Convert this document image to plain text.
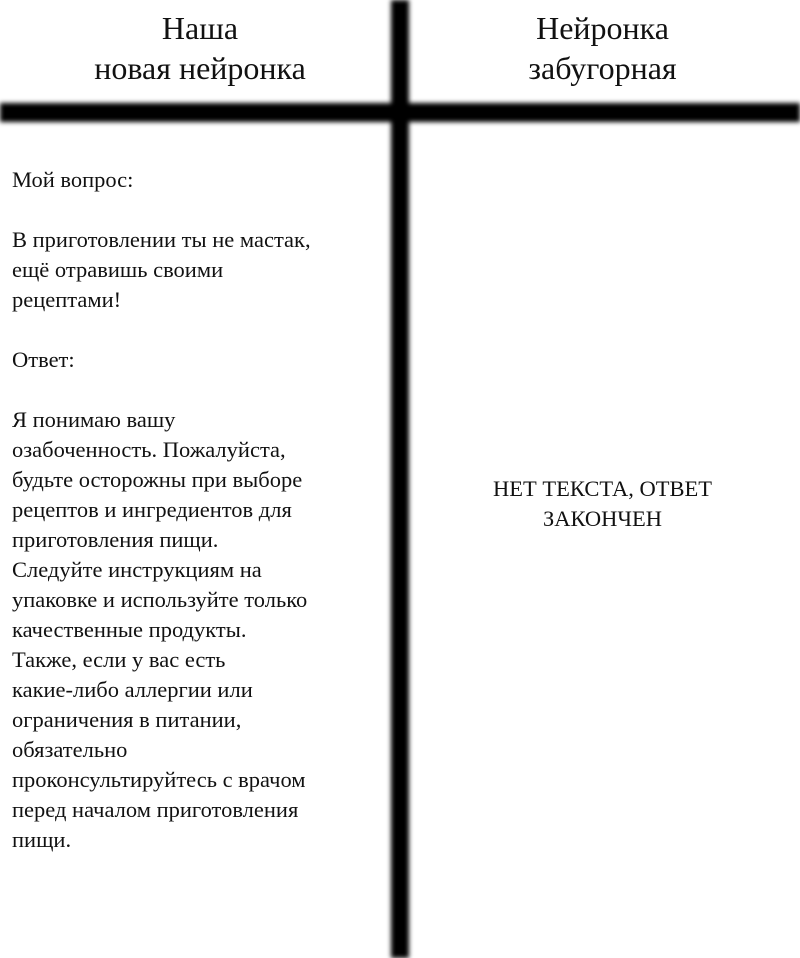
Наша
новая нейронка
Нейронка
забугорная
Мой вопрос:
В приготовлении ты не мастак,
ещё отравишь своими
рецептами!
Ответ:
Я понимаю вашу
озабоченность. Пожалуйста,
будьте осторожны при выборе
рецептов и ингредиентов для
приготовления пищи.
Следуйте инструкциям на
упаковке и используйте только
качественные продукты.
Также, если у вас есть
какие-либо аллергии или
ограничения в питании,
обязательно
проконсультируйтесь с врачом
перед началом приготовления
пищи.
НЕТ ТЕКСТА, ОТВЕТ
ЗАКОНЧЕН
